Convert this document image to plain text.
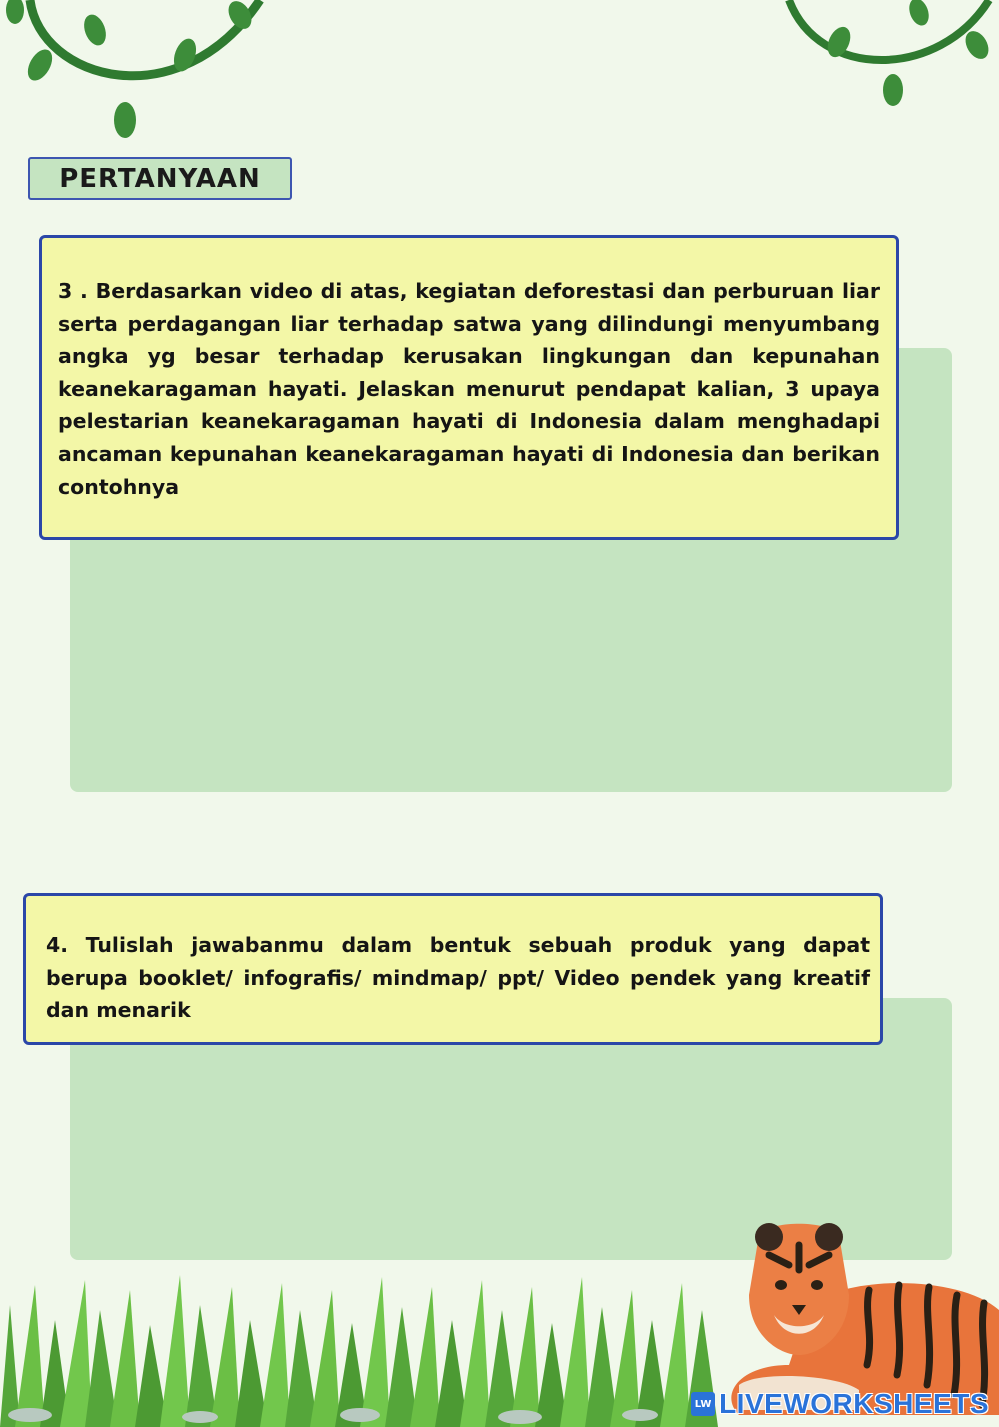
PERTANYAAN
3 . Berdasarkan video di atas, kegiatan deforestasi dan perburuan liar serta perdagangan liar terhadap satwa yang dilindungi menyumbang angka yg besar terhadap kerusakan lingkungan dan kepunahan keanekaragaman hayati. Jelaskan menurut pendapat kalian, 3 upaya pelestarian keanekaragaman hayati di Indonesia dalam menghadapi ancaman kepunahan keanekaragaman hayati di Indonesia dan berikan contohnya
4. Tulislah jawabanmu dalam bentuk sebuah produk yang dapat berupa booklet/ infografis/ mindmap/ ppt/ Video pendek yang kreatif dan menarik
LW LIVEWORKSHEETS
